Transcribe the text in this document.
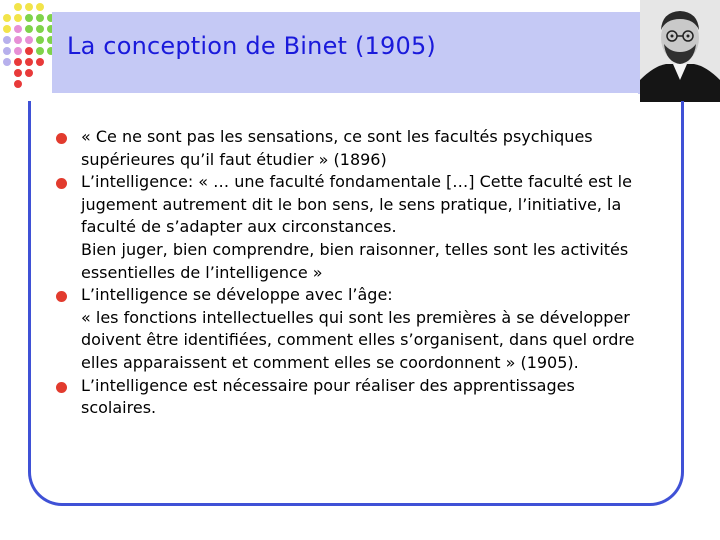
La conception de Binet (1905)
« Ce ne sont pas les sensations, ce sont les facultés psychiques
supérieures qu’il faut étudier » (1896)
L’intelligence: « … une faculté fondamentale […] Cette faculté est le
jugement autrement dit le bon sens, le sens pratique, l’initiative, la
faculté de s’adapter aux circonstances.
Bien juger, bien comprendre, bien raisonner, telles sont les activités
essentielles de l’intelligence »
L’intelligence se développe avec l’âge:
« les fonctions intellectuelles qui sont les premières à se développer
doivent être identifiées, comment elles s’organisent, dans quel ordre
elles apparaissent et comment elles se coordonnent » (1905).
L’intelligence est nécessaire pour réaliser des apprentissages
scolaires.
